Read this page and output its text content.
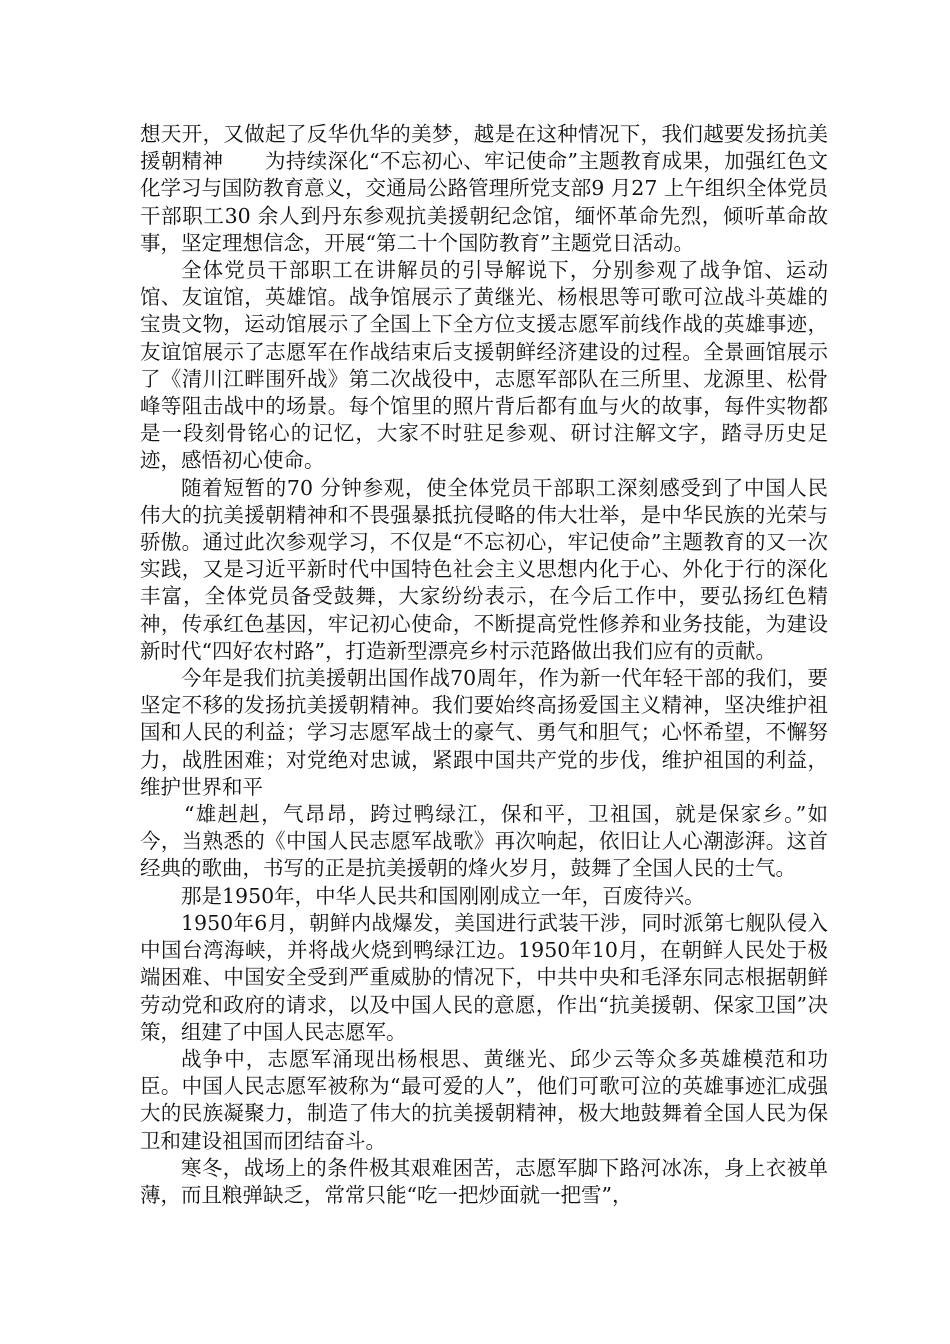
想天开，又做起了反华仇华的美梦，越是在这种情况下，我们越要发扬抗美援朝精神　　为持续深化“不忘初心、牢记使命”主题教育成果，加强红色文化学习与国防教育意义，交通局公路管理所党支部9 月27 上午组织全体党员干部职工30 余人到丹东参观抗美援朝纪念馆，缅怀革命先烈，倾听革命故事，坚定理想信念，开展“第二十个国防教育”主题党日活动。

全体党员干部职工在讲解员的引导解说下，分别参观了战争馆、运动馆、友谊馆，英雄馆。战争馆展示了黄继光、杨根思等可歌可泣战斗英雄的宝贵文物，运动馆展示了全国上下全方位支援志愿军前线作战的英雄事迹，友谊馆展示了志愿军在作战结束后支援朝鲜经济建设的过程。全景画馆展示了《清川江畔围歼战》第二次战役中，志愿军部队在三所里、龙源里、松骨峰等阻击战中的场景。每个馆里的照片背后都有血与火的故事，每件实物都是一段刻骨铭心的记忆，大家不时驻足参观、研讨注解文字，踏寻历史足迹，感悟初心使命。

随着短暂的70 分钟参观，使全体党员干部职工深刻感受到了中国人民伟大的抗美援朝精神和不畏强暴抵抗侵略的伟大壮举，是中华民族的光荣与骄傲。通过此次参观学习，不仅是“不忘初心，牢记使命”主题教育的又一次实践，又是习近平新时代中国特色社会主义思想内化于心、外化于行的深化丰富，全体党员备受鼓舞，大家纷纷表示，在今后工作中，要弘扬红色精神，传承红色基因，牢记初心使命，不断提高党性修养和业务技能，为建设新时代“四好农村路”，打造新型漂亮乡村示范路做出我们应有的贡献。

今年是我们抗美援朝出国作战70周年，作为新一代年轻干部的我们，要坚定不移的发扬抗美援朝精神。我们要始终高扬爱国主义精神，坚决维护祖国和人民的利益；学习志愿军战士的豪气、勇气和胆气；心怀希望，不懈努力，战胜困难；对党绝对忠诚，紧跟中国共产党的步伐，维护祖国的利益，维护世界和平

“雄赳赳，气昂昂，跨过鸭绿江，保和平，卫祖国，就是保家乡。”如今，当熟悉的《中国人民志愿军战歌》再次响起，依旧让人心潮澎湃。这首经典的歌曲，书写的正是抗美援朝的烽火岁月，鼓舞了全国人民的士气。

那是1950年，中华人民共和国刚刚成立一年，百废待兴。

1950年6月，朝鲜内战爆发，美国进行武装干涉，同时派第七舰队侵入中国台湾海峡，并将战火烧到鸭绿江边。1950年10月，在朝鲜人民处于极端困难、中国安全受到严重威胁的情况下，中共中央和毛泽东同志根据朝鲜劳动党和政府的请求，以及中国人民的意愿，作出“抗美援朝、保家卫国”决策，组建了中国人民志愿军。

战争中，志愿军涌现出杨根思、黄继光、邱少云等众多英雄模范和功臣。中国人民志愿军被称为“最可爱的人”，他们可歌可泣的英雄事迹汇成强大的民族凝聚力，制造了伟大的抗美援朝精神，极大地鼓舞着全国人民为保卫和建设祖国而团结奋斗。

寒冬，战场上的条件极其艰难困苦，志愿军脚下路河冰冻，身上衣被单薄，而且粮弹缺乏，常常只能“吃一把炒面就一把雪”，
